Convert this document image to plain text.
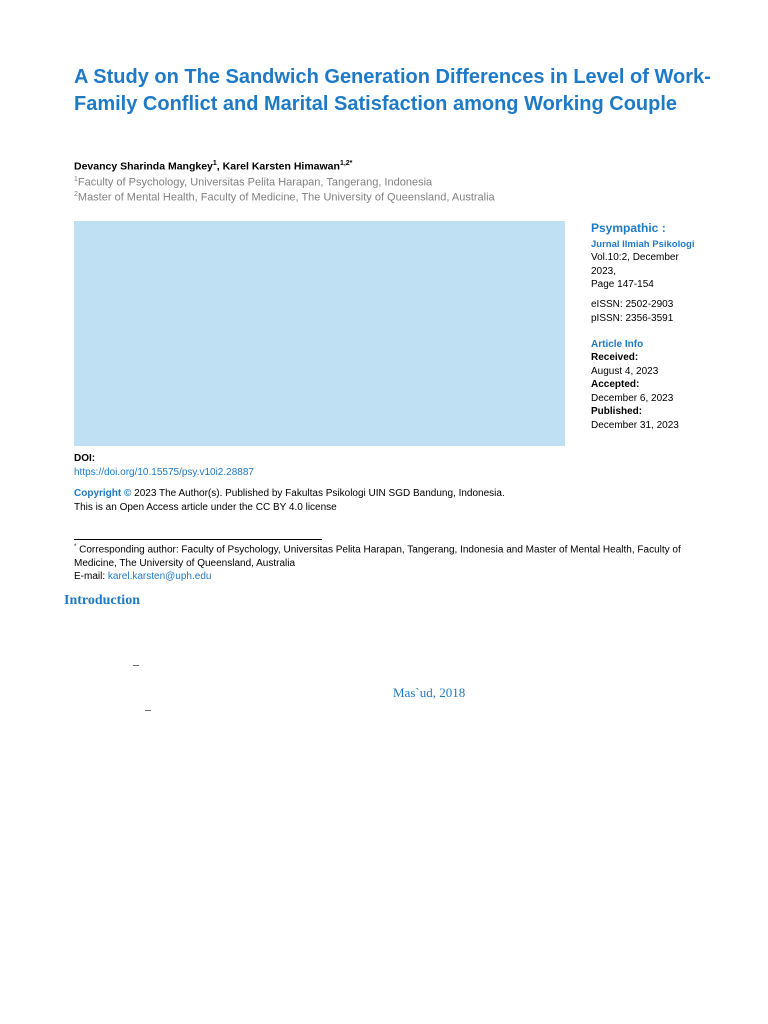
A Study on The Sandwich Generation Differences in Level of Work-Family Conflict and Marital Satisfaction among Working Couple
Devancy Sharinda Mangkey$^1$, Karel Karsten Himawan$^{1,2*}$
$^1$Faculty of Psychology, Universitas Pelita Harapan, Tangerang, Indonesia
$^2$Master of Mental Health, Faculty of Medicine, The University of Queensland, Australia
Psympathic :
Jurnal Ilmiah Psikologi
Vol.10:2, December
2023,
Page 147-154
eISSN: 2502-2903
pISSN: 2356-3591
Article Info
Received:
August 4, 2023
Accepted:
December 6, 2023
Published:
December 31, 2023
DOI:
https://doi.org/10.15575/psy.v10i2.28887
Copyright © 2023 The Author(s). Published by Fakultas Psikologi UIN SGD Bandung, Indonesia.
This is an Open Access article under the CC BY 4.0 license
* Corresponding author: Faculty of Psychology, Universitas Pelita Harapan, Tangerang, Indonesia and Master of Mental Health, Faculty of Medicine, The University of Queensland, Australia
E-mail: karel.karsten@uph.edu
Introduction
–
Mas`ud, 2018
–
